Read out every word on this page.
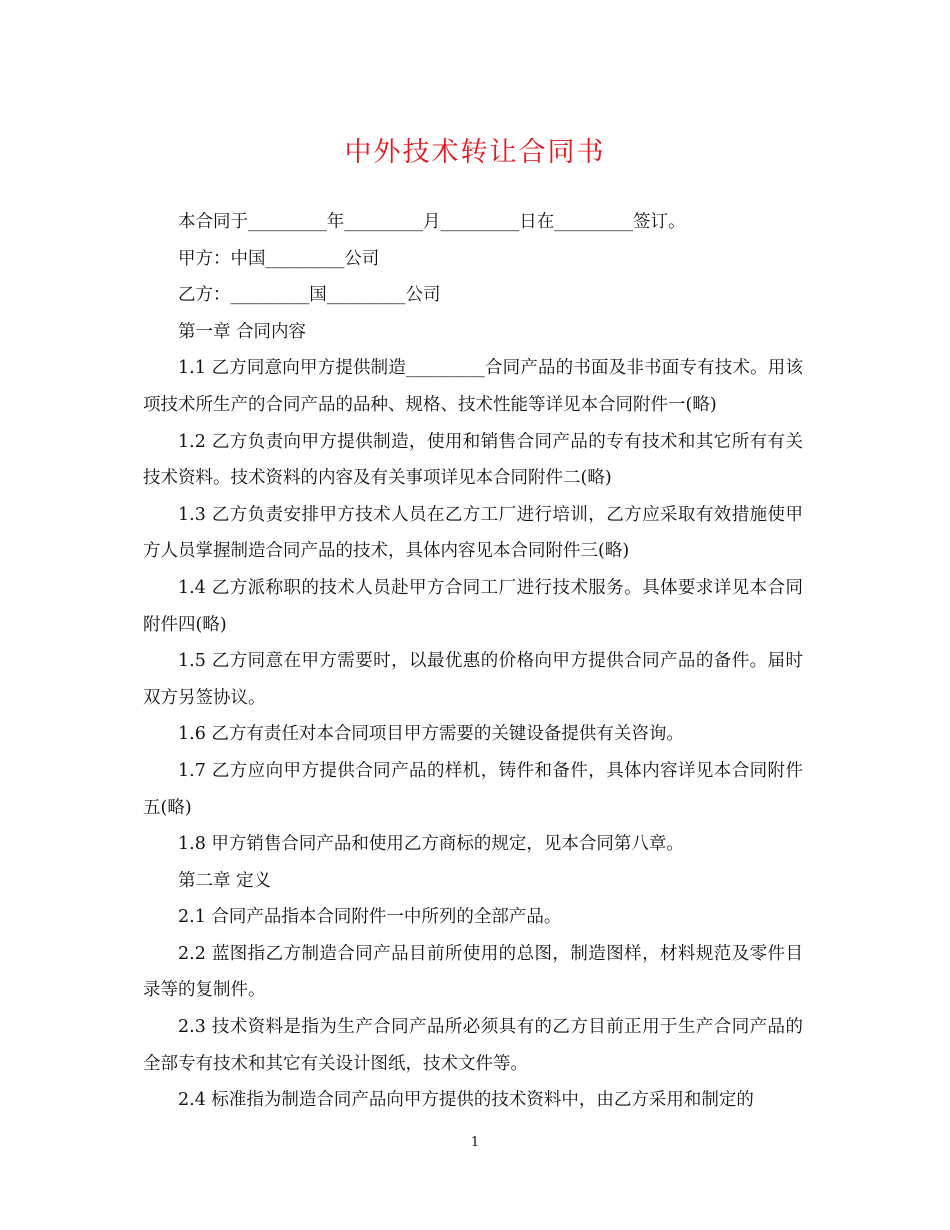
中外技术转让合同书

本合同于_________年_________月_________日在_________签订。

甲方：中国_________公司

乙方：_________国_________公司

第一章 合同内容

1.1 乙方同意向甲方提供制造_________合同产品的书面及非书面专有技术。用该项技术所生产的合同产品的品种、规格、技术性能等详见本合同附件一(略)

1.2 乙方负责向甲方提供制造，使用和销售合同产品的专有技术和其它所有有关技术资料。技术资料的内容及有关事项详见本合同附件二(略)

1.3 乙方负责安排甲方技术人员在乙方工厂进行培训，乙方应采取有效措施使甲方人员掌握制造合同产品的技术，具体内容见本合同附件三(略)

1.4 乙方派称职的技术人员赴甲方合同工厂进行技术服务。具体要求详见本合同附件四(略)

1.5 乙方同意在甲方需要时，以最优惠的价格向甲方提供合同产品的备件。届时双方另签协议。

1.6 乙方有责任对本合同项目甲方需要的关键设备提供有关咨询。

1.7 乙方应向甲方提供合同产品的样机，铸件和备件，具体内容详见本合同附件五(略)

1.8 甲方销售合同产品和使用乙方商标的规定，见本合同第八章。

第二章 定义

2.1 合同产品指本合同附件一中所列的全部产品。

2.2 蓝图指乙方制造合同产品目前所使用的总图，制造图样，材料规范及零件目录等的复制件。

2.3 技术资料是指为生产合同产品所必须具有的乙方目前正用于生产合同产品的全部专有技术和其它有关设计图纸，技术文件等。

2.4 标准指为制造合同产品向甲方提供的技术资料中，由乙方采用和制定的

1
